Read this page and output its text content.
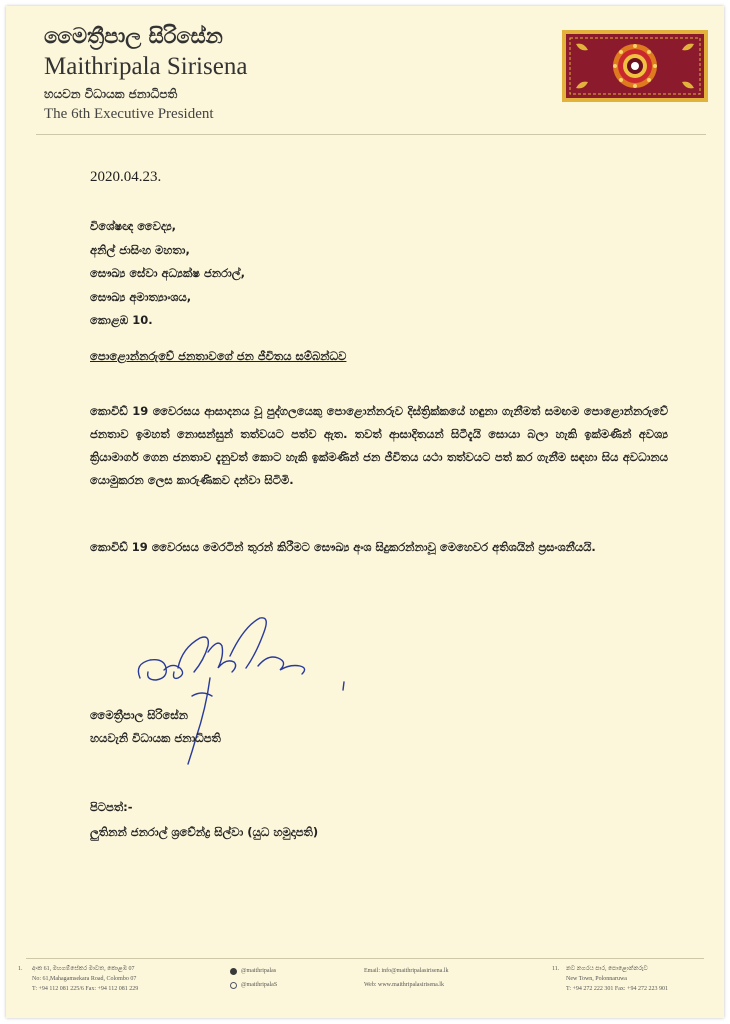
මෛත්‍රීපාල සිරිසේන
Maithripala Sirisena
හයවන විධායක ජනාධිපති
The 6th Executive President
2020.04.23.
විශේෂඥ වෛද්‍ය,
අනිල් ජාසිංහ මහතා,
සෞඛ්‍ය සේවා අධ්‍යක්ෂ ජනරාල්,
සෞඛ්‍ය අමාත්‍යාංශය,
කොළඹ 10.
පොළොන්නරුවේ ජනතාවගේ ජන ජීවිතය සම්බන්ධව
කොවිඩ් 19 වෛරසය ආසාදනය වූ පුද්ගලයෙකු පොළොන්නරුව දිස්ත්‍රික්කයේ හඳුනා ගැනීමත් සමඟම පොළොන්නරුවේ ජනතාව ඉමහත් නොසන්සුන් තත්වයට පත්ව ඇත. තවත් ආසාදිතයන් සිටීදැයි සොයා බලා හැකි ඉක්මණින් අවශ්‍ය ක්‍රියාමාර්ග ගෙන ජනතාව දැනුවත් කොට හැකි ඉක්මණින් ජන ජීවිතය යථා තත්වයට පත් කර ගැනීම සඳහා සිය අවධානය යොමුකරන ලෙස කාරුණිකව දන්වා සිටිමි.
කොවිඩ් 19 වෛරසය මෙරටින් තුරන් කිරීමට සෞඛ්‍ය අංශ සිදුකරන්නාවූ මෙහෙවර අතිශයින් ප්‍රසංශනීයයි.
මෛත්‍රීපාල සිරිසේන
හයවැනි විධායක ජනාධිපති
පිටපත්:-
ලුතිනන් ජනරාල් ශ්‍රවේන්ද්‍ර සිල්වා (යුධ හමුදාපති)
1. අංක 61, මහගම්සේකර මාවත, කොළඹ 07
No: 61,Mahagamsekara Road, Colombo 07
T: +94 112 081 225/6 Fax: +94 112 081 229
@maithripalas
@maithripalaS
Email: info@maithripalasirisena.lk
Web: www.maithripalasirisena.lk
11. නව නගරය පාර, පොළොන්නරුව
New Town, Polonnaruwa
T: +94 272 222 301 Fax: +94 272 223 901
